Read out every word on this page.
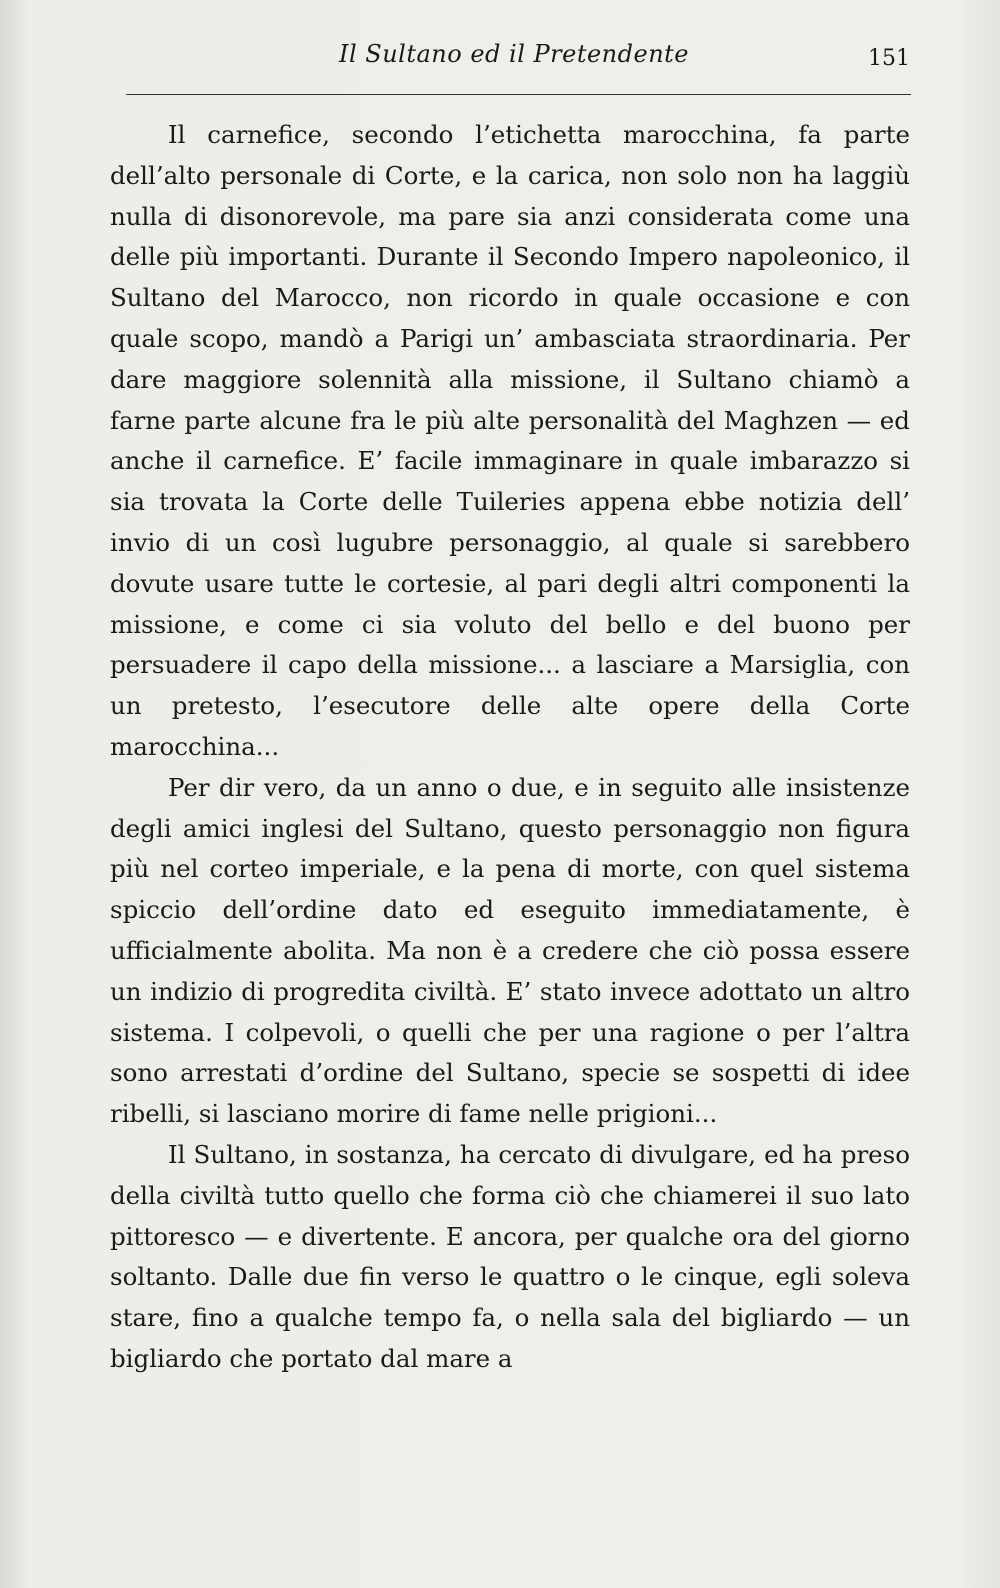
Il Sultano ed il Pretendente	151

Il carnefice, secondo l’etichetta marocchina, fa parte dell’alto personale di Corte, e la carica, non solo non ha laggiù nulla di disonorevole, ma pare sia anzi considerata come una delle più importanti. Durante il Secondo Impero napoleonico, il Sultano del Marocco, non ricordo in quale occasione e con quale scopo, mandò a Parigi un’ ambasciata straordinaria. Per dare maggiore solennità alla missione, il Sultano chiamò a farne parte alcune fra le più alte personalità del Maghzen — ed anche il carnefice. E’ facile immaginare in quale imbarazzo si sia trovata la Corte delle Tuileries appena ebbe notizia dell’ invio di un così lugubre personaggio, al quale si sarebbero dovute usare tutte le cortesie, al pari degli altri componenti la missione, e come ci sia voluto del bello e del buono per persuadere il capo della missione... a lasciare a Marsiglia, con un pretesto, l’esecutore delle alte opere della Corte marocchina...

Per dir vero, da un anno o due, e in seguito alle insistenze degli amici inglesi del Sultano, questo personaggio non figura più nel corteo imperiale, e la pena di morte, con quel sistema spiccio dell’ordine dato ed eseguito immediatamente, è ufficialmente abolita. Ma non è a credere che ciò possa essere un indizio di progredita civiltà. E’ stato invece adottato un altro sistema. I colpevoli, o quelli che per una ragione o per l’altra sono arrestati d’ordine del Sultano, specie se sospetti di idee ribelli, si lasciano morire di fame nelle prigioni...

Il Sultano, in sostanza, ha cercato di divulgare, ed ha preso della civiltà tutto quello che forma ciò che chiamerei il suo lato pittoresco — e divertente. E ancora, per qualche ora del giorno soltanto. Dalle due fin verso le quattro o le cinque, egli soleva stare, fino a qualche tempo fa, o nella sala del bigliardo — un bigliardo che portato dal mare a
